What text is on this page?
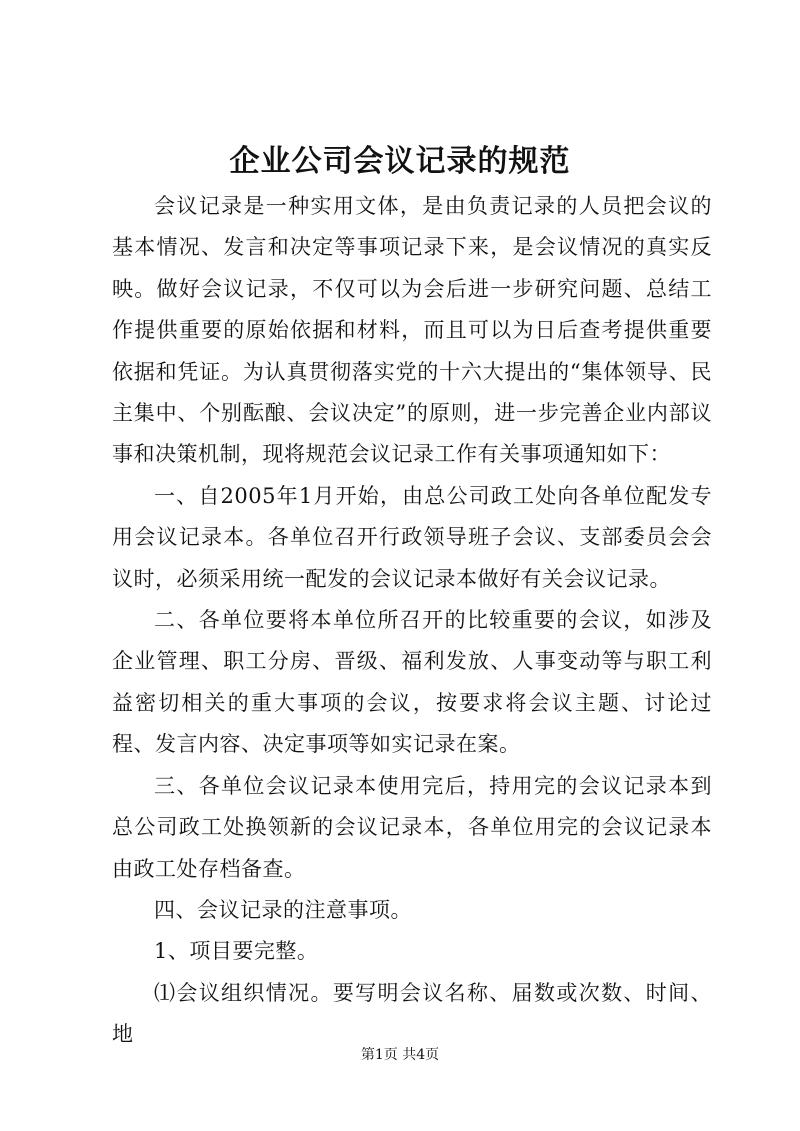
企业公司会议记录的规范

会议记录是一种实用文体，是由负责记录的人员把会议的基本情况、发言和决定等事项记录下来，是会议情况的真实反映。做好会议记录，不仅可以为会后进一步研究问题、总结工作提供重要的原始依据和材料，而且可以为日后查考提供重要依据和凭证。为认真贯彻落实党的十六大提出的“集体领导、民主集中、个别酝酿、会议决定”的原则，进一步完善企业内部议事和决策机制，现将规范会议记录工作有关事项通知如下：

一、自2005年1月开始，由总公司政工处向各单位配发专用会议记录本。各单位召开行政领导班子会议、支部委员会会议时，必须采用统一配发的会议记录本做好有关会议记录。

二、各单位要将本单位所召开的比较重要的会议，如涉及企业管理、职工分房、晋级、福利发放、人事变动等与职工利益密切相关的重大事项的会议，按要求将会议主题、讨论过程、发言内容、决定事项等如实记录在案。

三、各单位会议记录本使用完后，持用完的会议记录本到总公司政工处换领新的会议记录本，各单位用完的会议记录本由政工处存档备查。

四、会议记录的注意事项。

1、项目要完整。

⑴会议组织情况。要写明会议名称、届数或次数、时间、地

第1页 共4页
